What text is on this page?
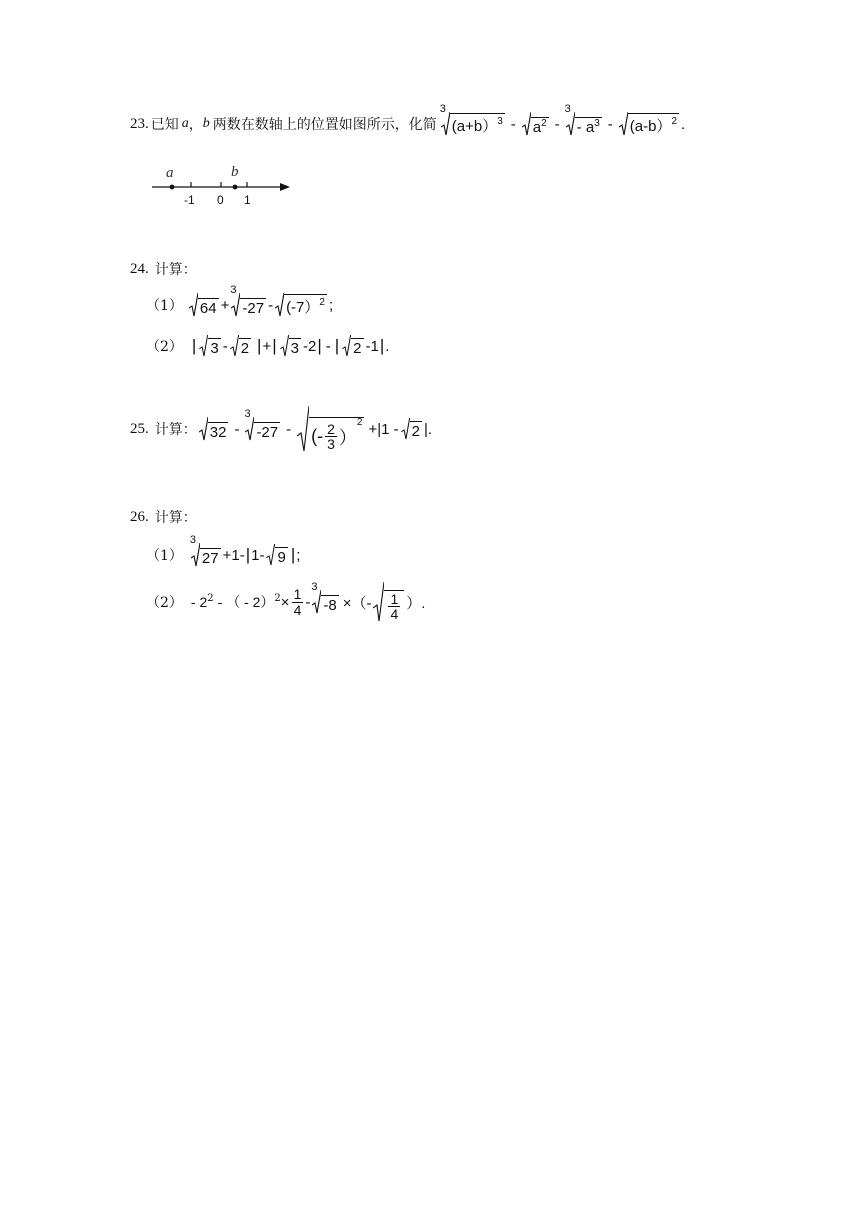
23. 已知 a ， b 两数在数轴上的位置如图所示，化简
3
(a+b） 3 - a 2 -
3
- a 3 - (a-b） 2 .
a	b
-1 0 1
24. 计算：
（1） 64 +
3
-27 - (-7） 2 ;
（2） | 3 - 2 | + | 3 -2 | - | 2 -1 | .
25. 计算： 32 -
3
-27 - (- $\frac{2}{3}$ ）
2 +|1 - 2 |.
26. 计算：
（1）
3
27 +1- | 1- 9 | ;
（2） - 2 2 - （ - 2） $2 \times \frac{1}{4}$ -
3
-8 ×（- $\frac{1}{4}$ ）.
